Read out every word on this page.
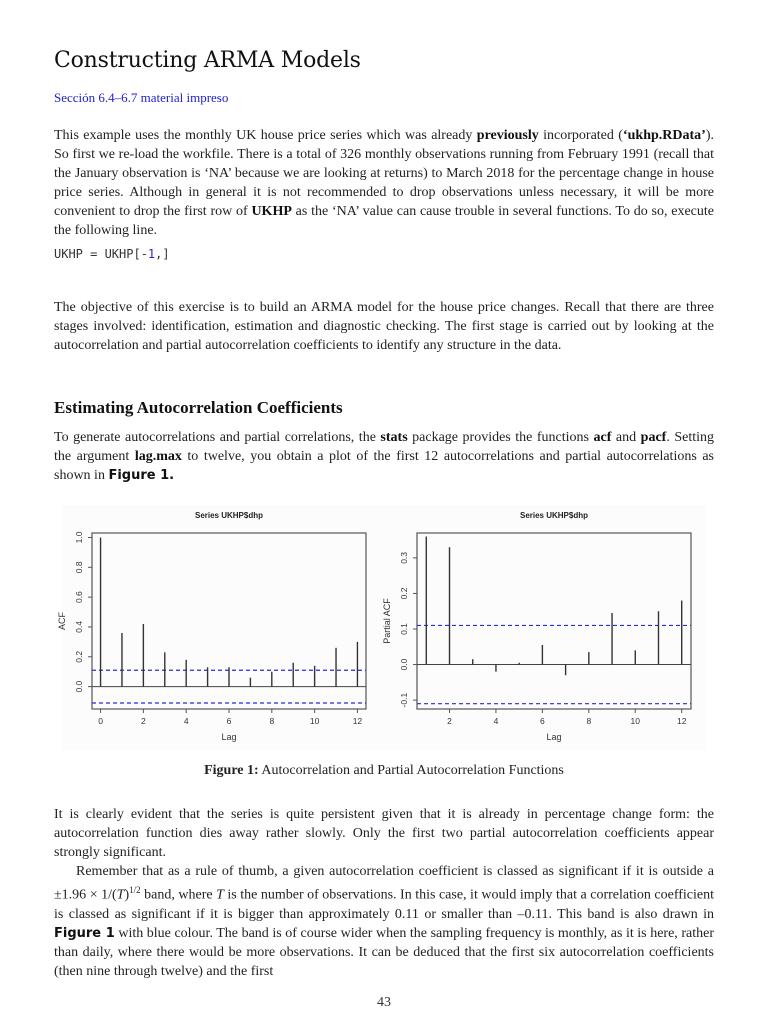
Constructing ARMA Models
Sección 6.4–6.7 material impreso
This example uses the monthly UK house price series which was already previously incorporated (‘ukhp.RData’). So first we re-load the workfile. There is a total of 326 monthly observations running from February 1991 (recall that the January observation is ‘NA’ because we are looking at returns) to March 2018 for the percentage change in house price series. Although in general it is not recommended to drop observations unless necessary, it will be more convenient to drop the first row of UKHP as the ‘NA’ value can cause trouble in several functions. To do so, execute the following line.
UKHP = UKHP[-1,]
The objective of this exercise is to build an ARMA model for the house price changes. Recall that there are three stages involved: identification, estimation and diagnostic checking. The first stage is carried out by looking at the autocorrelation and partial autocorrelation coefficients to identify any structure in the data.
Estimating Autocorrelation Coefficients
To generate autocorrelations and partial correlations, the stats package provides the functions acf and pacf. Setting the argument lag.max to twelve, you obtain a plot of the first 12 autocorrelations and partial autocorrelations as shown in Figure 1.
Series UKHP$dhp
0	2	4	6	8	10	12
0.0
0.2
0.4
0.6
0.8
1.0
Lag
ACF
Series UKHP$dhp
2	4	6	8	10	12
-0.1
0.0
0.1
0.2
0.3
Lag
Partial ACF
Figure 1: Autocorrelation and Partial Autocorrelation Functions
It is clearly evident that the series is quite persistent given that it is already in percentage change form: the autocorrelation function dies away rather slowly. Only the first two partial autocorrelation coefficients appear strongly significant.
Remember that as a rule of thumb, a given autocorrelation coefficient is classed as significant if it is outside $a \pm 1.96 \times 1/(T)^{1/2}$ band, where T is the number of observations. In this case, it would imply that a correlation coefficient is classed as significant if it is bigger than approximately 0.11 or smaller than –0.11. This band is also drawn in Figure 1 with blue colour. The band is of course wider when the sampling frequency is monthly, as it is here, rather than daily, where there would be more observations. It can be deduced that the first six autocorrelation coefficients (then nine through twelve) and the first
43
